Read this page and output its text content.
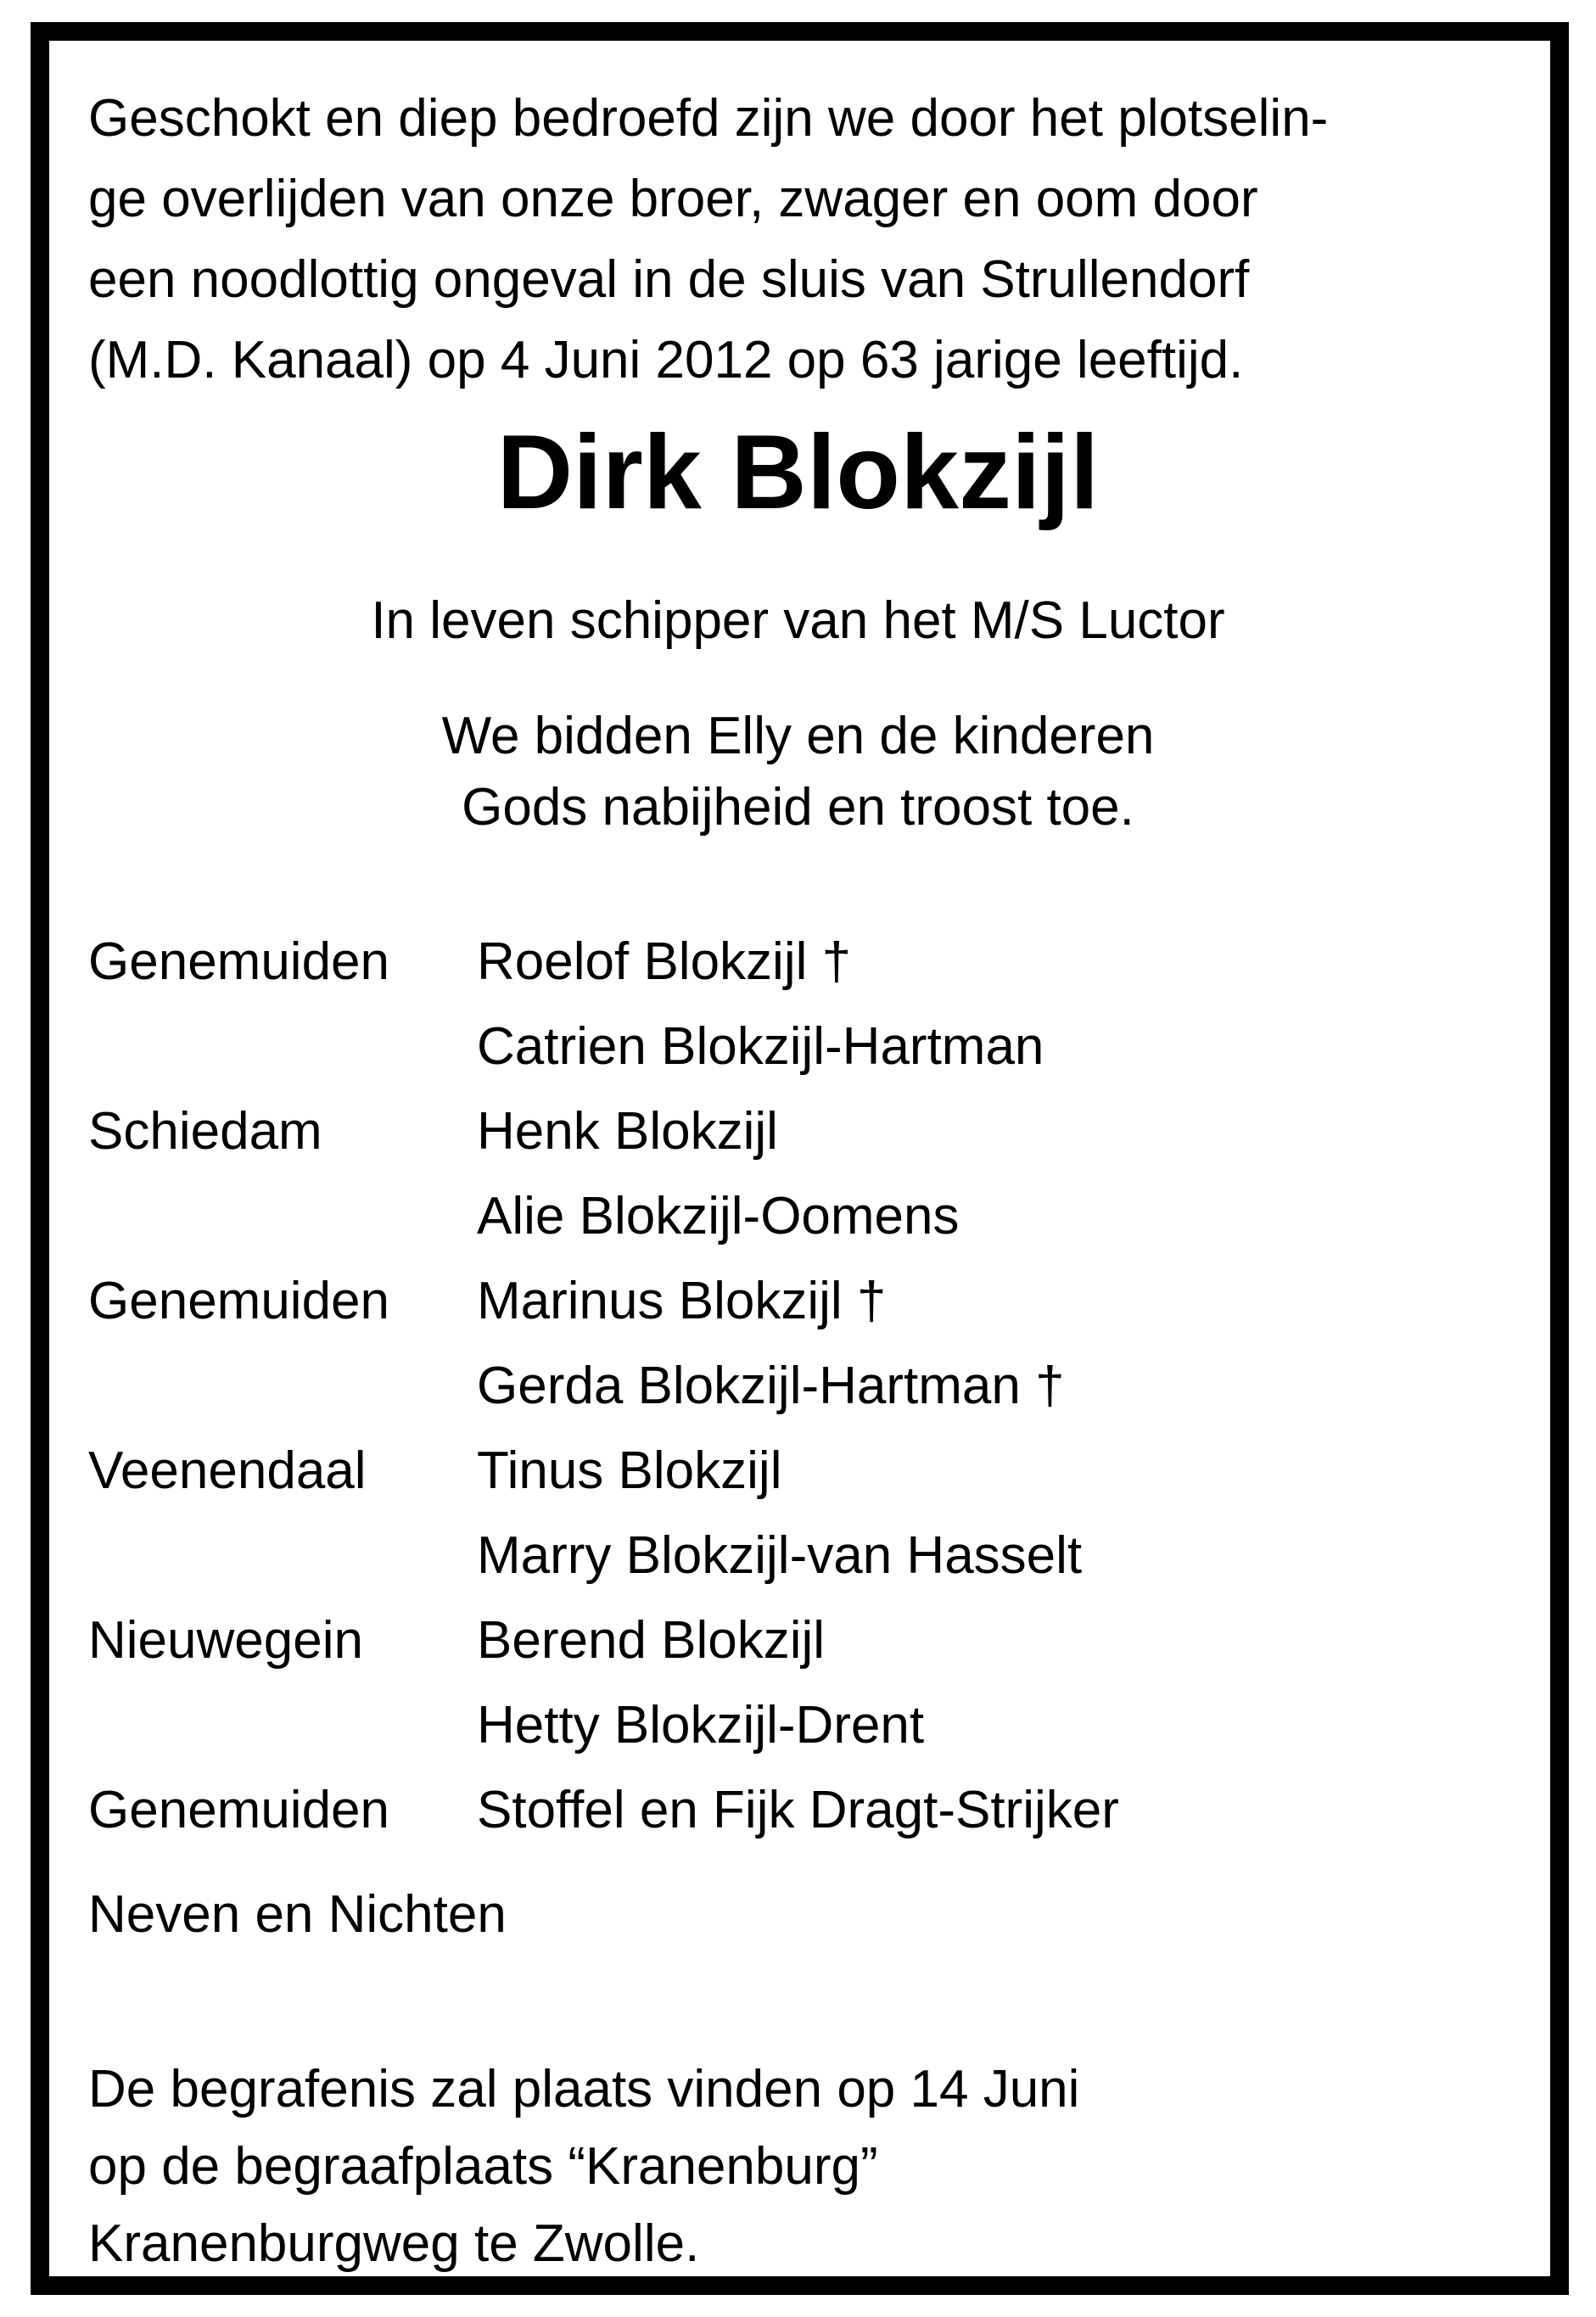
Geschokt en diep bedroefd zijn we door het plotselin-
ge overlijden van onze broer, zwager en oom door
een noodlottig ongeval in de sluis van Strullendorf
(M.D. Kanaal) op 4 Juni 2012 op 63 jarige leeftijd.

Dirk Blokzijl
In leven schipper van het M/S Luctor
We bidden Elly en de kinderen
Gods nabijheid en troost toe.
Genemuiden Roelof Blokzijl †
Catrien Blokzijl-Hartman
Schiedam	Henk Blokzijl
Alie Blokzijl-Oomens
Genemuiden Marinus Blokzijl †
Gerda Blokzijl-Hartman †
Veenendaal Tinus Blokzijl
Marry Blokzijl-van Hasselt
Nieuwegein Berend Blokzijl
Hetty Blokzijl-Drent
Genemuiden Stoffel en Fijk Dragt-Strijker
Neven en Nichten

De begrafenis zal plaats vinden op 14 Juni
op de begraafplaats “Kranenburg”
Kranenburgweg te Zwolle.
